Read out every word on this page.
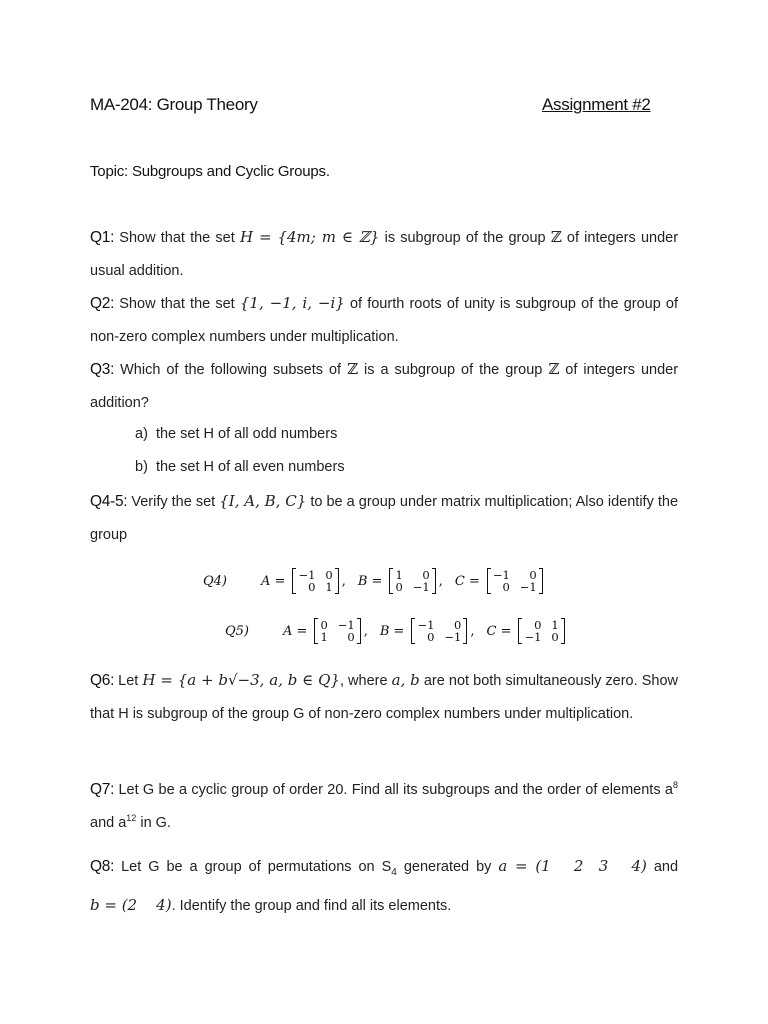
MA-204: Group Theory	Assignment #2
Topic: Subgroups and Cyclic Groups.
Q1: Show that the set H = {4m; m ∈ ℤ} is subgroup of the group ℤ of integers under usual addition.
Q2: Show that the set {1, −1, i, −i} of fourth roots of unity is subgroup of the group of non-zero complex numbers under multiplication.
Q3: Which of the following subsets of ℤ is a subgroup of the group ℤ of integers under addition?
a) the set H of all odd numbers
b) the set H of all even numbers
Q4-5: Verify the set {I, A, B, C} to be a group under matrix multiplication; Also identify the group
Q4)	A = −1 0
0 1 , B = 1	0
0 −1 , C = −1	0
0 −1
Q5)	A = 0 −1
1	0 , B = −1	0
0 −1 , C =	0 1
−1 0
Q6: Let H = {a + b√−3, a, b ∈ Q}, where a, b are not both simultaneously zero. Show that H is subgroup of the group G of non-zero complex numbers under multiplication.
Q7: Let G be a cyclic group of order 20. Find all its subgroups and the order of elements $a^8$ and $a^{12}$ in G.
Q8: Let G be a group of permutations on $S_4$ generated by a = (1   2  3   4) and b = (2    4). Identify the group and find all its elements.
